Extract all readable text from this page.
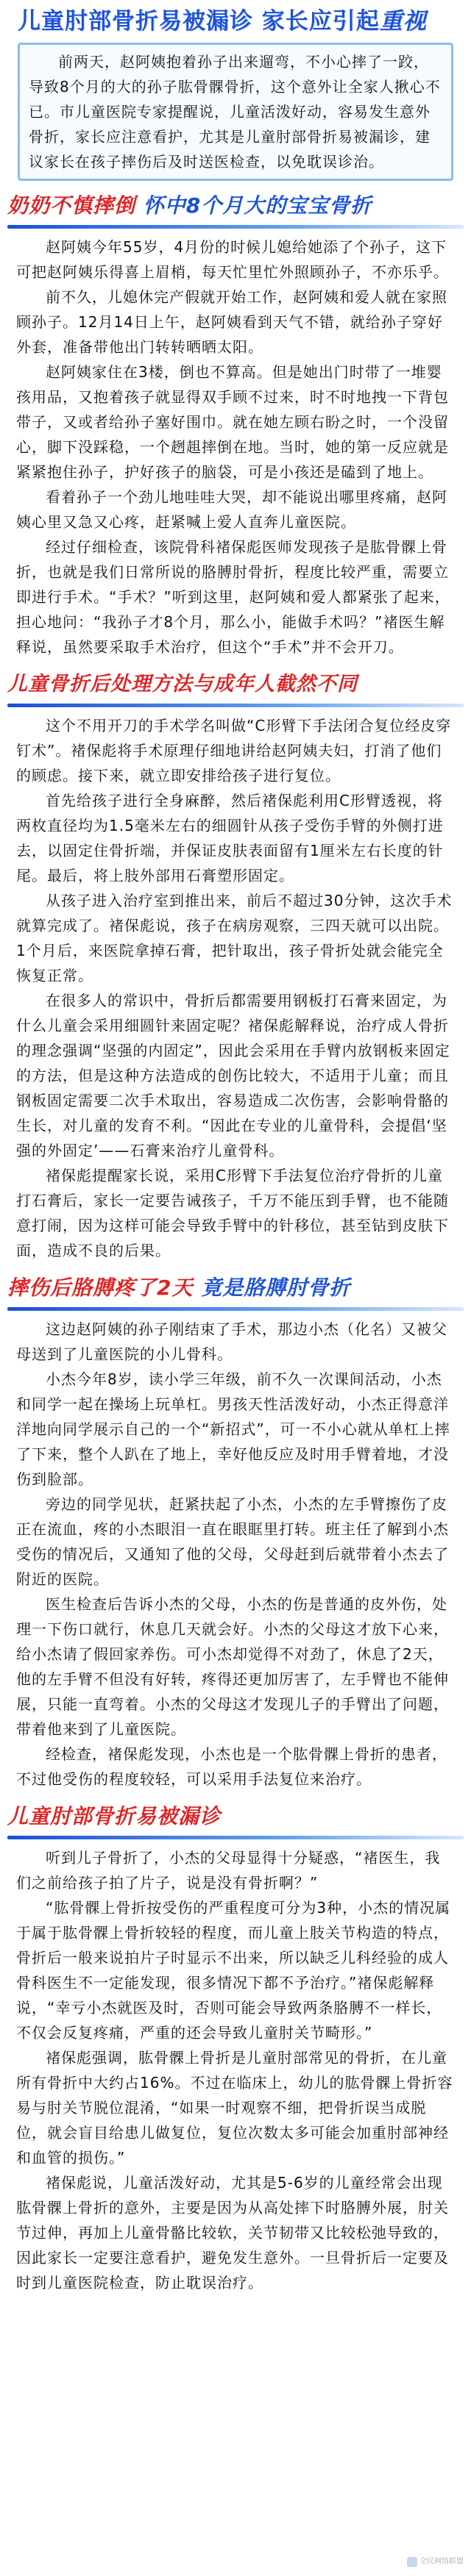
儿童肘部骨折易被漏诊 家长应引起重视

前两天，赵阿姨抱着孙子出来遛弯，不小心摔了一跤，导致8个月的大的孙子肱骨髁骨折，这个意外让全家人揪心不已。市儿童医院专家提醒说，儿童活泼好动，容易发生意外骨折，家长应注意看护，尤其是儿童肘部骨折易被漏诊，建议家长在孩子摔伤后及时送医检查，以免耽误诊治。

奶奶不慎摔倒 怀中8个月大的宝宝骨折

赵阿姨今年55岁，4月份的时候儿媳给她添了个孙子，这下可把赵阿姨乐得喜上眉梢，每天忙里忙外照顾孙子，不亦乐乎。

前不久，儿媳休完产假就开始工作，赵阿姨和爱人就在家照顾孙子。12月14日上午，赵阿姨看到天气不错，就给孙子穿好外套，准备带他出门转转晒晒太阳。

赵阿姨家住在3楼，倒也不算高。但是她出门时带了一堆婴孩用品，又抱着孩子就显得双手顾不过来，时不时地拽一下背包带子，又或者给孙子塞好围巾。就在她左顾右盼之时，一个没留心，脚下没踩稳，一个趔趄摔倒在地。当时，她的第一反应就是紧紧抱住孙子，护好孩子的脑袋，可是小孩还是磕到了地上。

看着孙子一个劲儿地哇哇大哭，却不能说出哪里疼痛，赵阿姨心里又急又心疼，赶紧喊上爱人直奔儿童医院。

经过仔细检查，该院骨科褚保彪医师发现孩子是肱骨髁上骨折，也就是我们日常所说的胳膊肘骨折，程度比较严重，需要立即进行手术。“手术？”听到这里，赵阿姨和爱人都紧张了起来，担心地问：“我孙子才8个月，那么小，能做手术吗？”褚医生解释说，虽然要采取手术治疗，但这个“手术”并不会开刀。

儿童骨折后处理方法与成年人截然不同

这个不用开刀的手术学名叫做“C形臂下手法闭合复位经皮穿钉术”。褚保彪将手术原理仔细地讲给赵阿姨夫妇，打消了他们的顾虑。接下来，就立即安排给孩子进行复位。

首先给孩子进行全身麻醉，然后褚保彪利用C形臂透视，将两枚直径均为1.5毫米左右的细圆针从孩子受伤手臂的外侧打进去，以固定住骨折端，并保证皮肤表面留有1厘米左右长度的针尾。最后，将上肢外部用石膏塑形固定。

从孩子进入治疗室到推出来，前后不超过30分钟，这次手术就算完成了。褚保彪说，孩子在病房观察，三四天就可以出院。1个月后，来医院拿掉石膏，把针取出，孩子骨折处就会能完全恢复正常。

在很多人的常识中，骨折后都需要用钢板打石膏来固定，为什么儿童会采用细圆针来固定呢？褚保彪解释说，治疗成人骨折的理念强调“坚强的内固定”，因此会采用在手臂内放钢板来固定的方法，但是这种方法造成的创伤比较大，不适用于儿童；而且钢板固定需要二次手术取出，容易造成二次伤害，会影响骨骼的生长，对儿童的发育不利。“因此在专业的儿童骨科，会提倡‘坚强的外固定’——石膏来治疗儿童骨科。

褚保彪提醒家长说，采用C形臂下手法复位治疗骨折的儿童打石膏后，家长一定要告诫孩子，千万不能压到手臂，也不能随意打闹，因为这样可能会导致手臂中的针移位，甚至钻到皮肤下面，造成不良的后果。

摔伤后胳膊疼了2天 竟是胳膊肘骨折

这边赵阿姨的孙子刚结束了手术，那边小杰（化名）又被父母送到了儿童医院的小儿骨科。

小杰今年8岁，读小学三年级，前不久一次课间活动，小杰和同学一起在操场上玩单杠。男孩天性活泼好动，小杰正得意洋洋地向同学展示自己的一个“新招式”，可一不小心就从单杠上摔了下来，整个人趴在了地上，幸好他反应及时用手臂着地，才没伤到脸部。

旁边的同学见状，赶紧扶起了小杰，小杰的左手臂擦伤了皮正在流血，疼的小杰眼泪一直在眼眶里打转。班主任了解到小杰受伤的情况后，又通知了他的父母，父母赶到后就带着小杰去了附近的医院。

医生检查后告诉小杰的父母，小杰的伤是普通的皮外伤，处理一下伤口就行，休息几天就会好。小杰的父母这才放下心来，给小杰请了假回家养伤。可小杰却觉得不对劲了，休息了2天，他的左手臂不但没有好转，疼得还更加厉害了，左手臂也不能伸展，只能一直弯着。小杰的父母这才发现儿子的手臂出了问题，带着他来到了儿童医院。

经检查，褚保彪发现，小杰也是一个肱骨髁上骨折的患者，不过他受伤的程度较轻，可以采用手法复位来治疗。

儿童肘部骨折易被漏诊

听到儿子骨折了，小杰的父母显得十分疑惑，“褚医生，我们之前给孩子拍了片子，说是没有骨折啊？”

“肱骨髁上骨折按受伤的严重程度可分为3种，小杰的情况属于属于肱骨髁上骨折较轻的程度，而儿童上肢关节构造的特点，骨折后一般来说拍片子时显示不出来，所以缺乏儿科经验的成人骨科医生不一定能发现，很多情况下都不予治疗。”褚保彪解释说，“幸亏小杰就医及时，否则可能会导致两条胳膊不一样长，不仅会反复疼痛，严重的还会导致儿童肘关节畸形。”

褚保彪强调，肱骨髁上骨折是儿童肘部常见的骨折，在儿童所有骨折中大约占16%。不过在临床上，幼儿的肱骨髁上骨折容易与肘关节脱位混淆，“如果一时观察不细，把骨折误当成脱位，就会盲目给患儿做复位，复位次数太多可能会加重肘部神经和血管的损伤。”

褚保彪说，儿童活泼好动，尤其是5-6岁的儿童经常会出现肱骨髁上骨折的意外，主要是因为从高处摔下时胳膊外展，肘关节过伸，再加上儿童骨骼比较软，关节韧带又比较松弛导致的，因此家长一定要注意看护，避免发生意外。一旦骨折后一定要及时到儿童医院检查，防止耽误治疗。

全民网络联盟
